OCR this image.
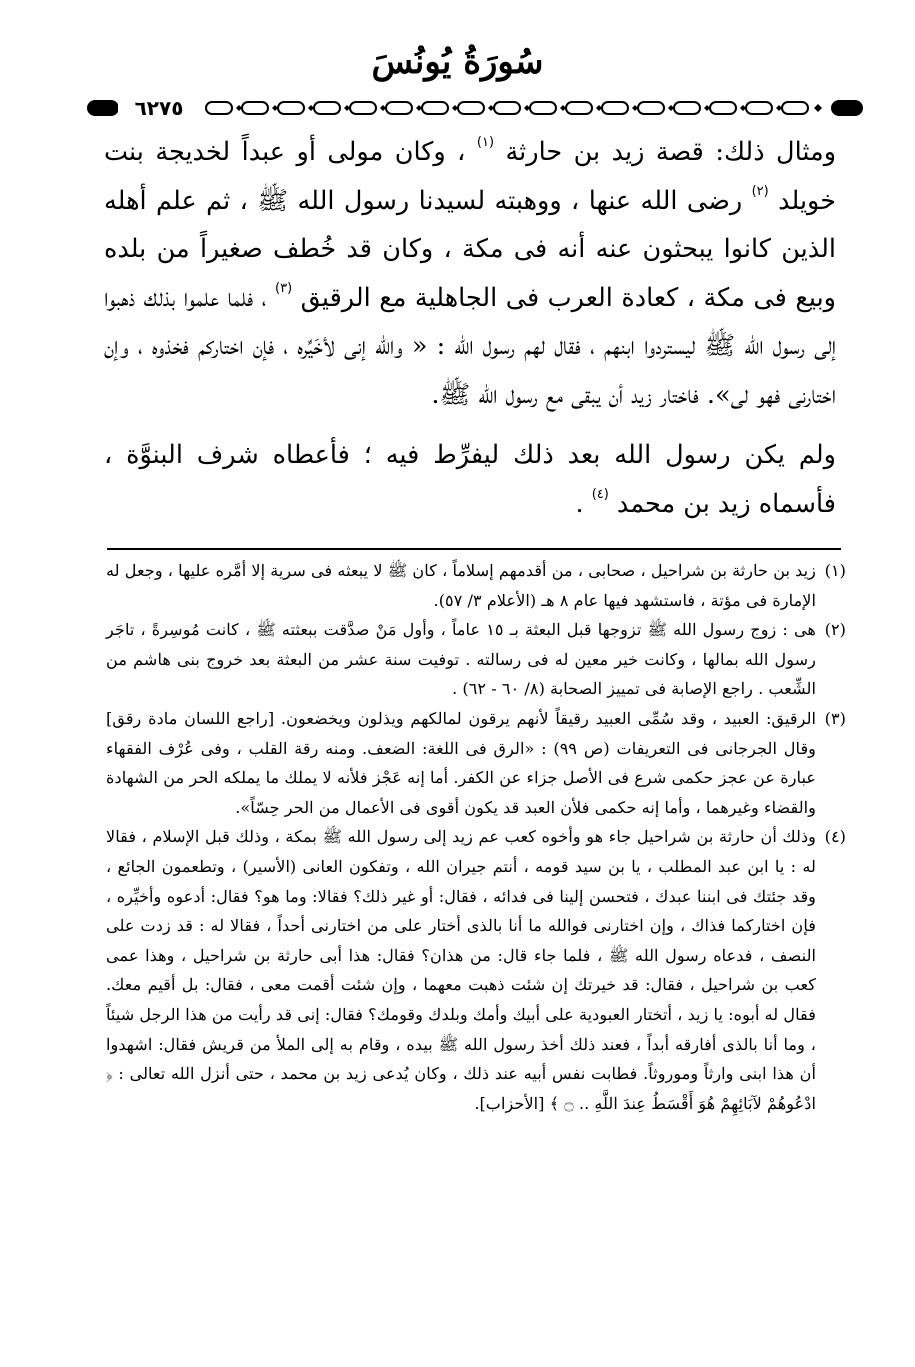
سُورَةُ يُونُسَ
٦٢٧٥

ومثال ذلك: قصة زيد بن حارثة $^{(١)}$ ، وكان مولى أو عبداً لخديجة بنت خويلد $^{(٢)}$ رضى الله عنها ، ووهبته لسيدنا رسول الله ﷺ ، ثم علم أهله الذين كانوا يبحثون عنه أنه فى مكة ، وكان قد خُطف صغيراً من بلده وبيع فى مكة ، كعادة العرب فى الجاهلية مع الرقيق $^{(٣)}$ ، فلما علموا بذلك ذهبوا إلى رسول الله ﷺ ليستردوا ابنهم ، فقال لهم رسول الله : « والله إنى لأخَيِّره ، فإن اختاركم فخذوه ، وإن اختارنى فهو لى». فاختار زيد أن يبقى مع رسول الله ﷺ.

ولم يكن رسول الله بعد ذلك ليفرِّط فيه ؛ فأعطاه شرف البنوَّة ، فأسماه زيد بن محمد $^{(٤)}$ .

(١)
زيد بن حارثة بن شراحيل ، صحابى ، من أقدمهم إسلاماً ، كان ﷺ لا يبعثه فى سرية إلا أمَّره عليها ، وجعل له الإمارة فى مؤتة ، فاستشهد فيها عام ٨ هـ (الأعلام ٣/ ٥٧).
(٢)
هى : زوج رسول الله ﷺ تزوجها قبل البعثة بـ ١٥ عاماً ، وأول مَنْ صدَّقت ببعثته ﷺ ، كانت مُوسِرةً ، تاجَر رسول الله بمالها ، وكانت خير معين له فى رسالته . توفيت سنة عشر من البعثة بعد خروج بنى هاشم من الشِّعب . راجع الإصابة فى تمييز الصحابة (٨/ ٦٠ - ٦٢) .
(٣)
الرقيق: العبيد ، وقد سُمِّى العبيد رقيقاً لأنهم يرقون لمالكهم ويذلون ويخضعون. [راجع اللسان مادة رقق] وقال الجرجانى فى التعريفات (ص ٩٩) : «الرق فى اللغة: الضعف. ومنه رقة القلب ، وفى عُرْف الفقهاء عبارة عن عجز حكمى شرع فى الأصل جزاء عن الكفر. أما إنه عَجْز فلأنه لا يملك ما يملكه الحر من الشهادة والقضاء وغيرهما ، وأما إنه حكمى فلأن العبد قد يكون أقوى فى الأعمال من الحر حِسّاً».
(٤)
وذلك أن حارثة بن شراحيل جاء هو وأخوه كعب عم زيد إلى رسول الله ﷺ بمكة ، وذلك قبل الإسلام ، فقالا له : يا ابن عبد المطلب ، يا بن سيد قومه ، أنتم جيران الله ، وتفكون العانى (الأسير) ، وتطعمون الجائع ، وقد جئتك فى ابننا عبدك ، فتحسن إلينا فى فدائه ، فقال: أو غير ذلك؟ فقالا: وما هو؟ فقال: أدعوه وأخيِّره ، فإن اختاركما فذاك ، وإن اختارنى فوالله ما أنا بالذى أختار على من اختارنى أحداً ، فقالا له : قد زدت على النصف ، فدعاه رسول الله ﷺ ، فلما جاء قال: من هذان؟ فقال: هذا أبى حارثة بن شراحيل ، وهذا عمى كعب بن شراحيل ، فقال: قد خيرتك إن شئت ذهبت معهما ، وإن شئت أقمت معى ، فقال: بل أقيم معك. فقال له أبوه: يا زيد ، أتختار العبودية على أبيك وأمك وبلدك وقومك؟ فقال: إنى قد رأيت من هذا الرجل شيئاً ، وما أنا بالذى أفارقه أبداً ، فعند ذلك أخذ رسول الله ﷺ بيده ، وقام به إلى الملأ من قريش فقال: اشهدوا أن هذا ابنى وارثاً وموروثاً. فطابت نفس أبيه عند ذلك ، وكان يُدعى زيد بن محمد ، حتى أنزل الله تعالى : ﴿ ادْعُوهُمْ لآبَائِهِمْ هُوَ أَقْسَطُ عِندَ اللَّهِ .. ۝ ﴾ [الأحزاب].
